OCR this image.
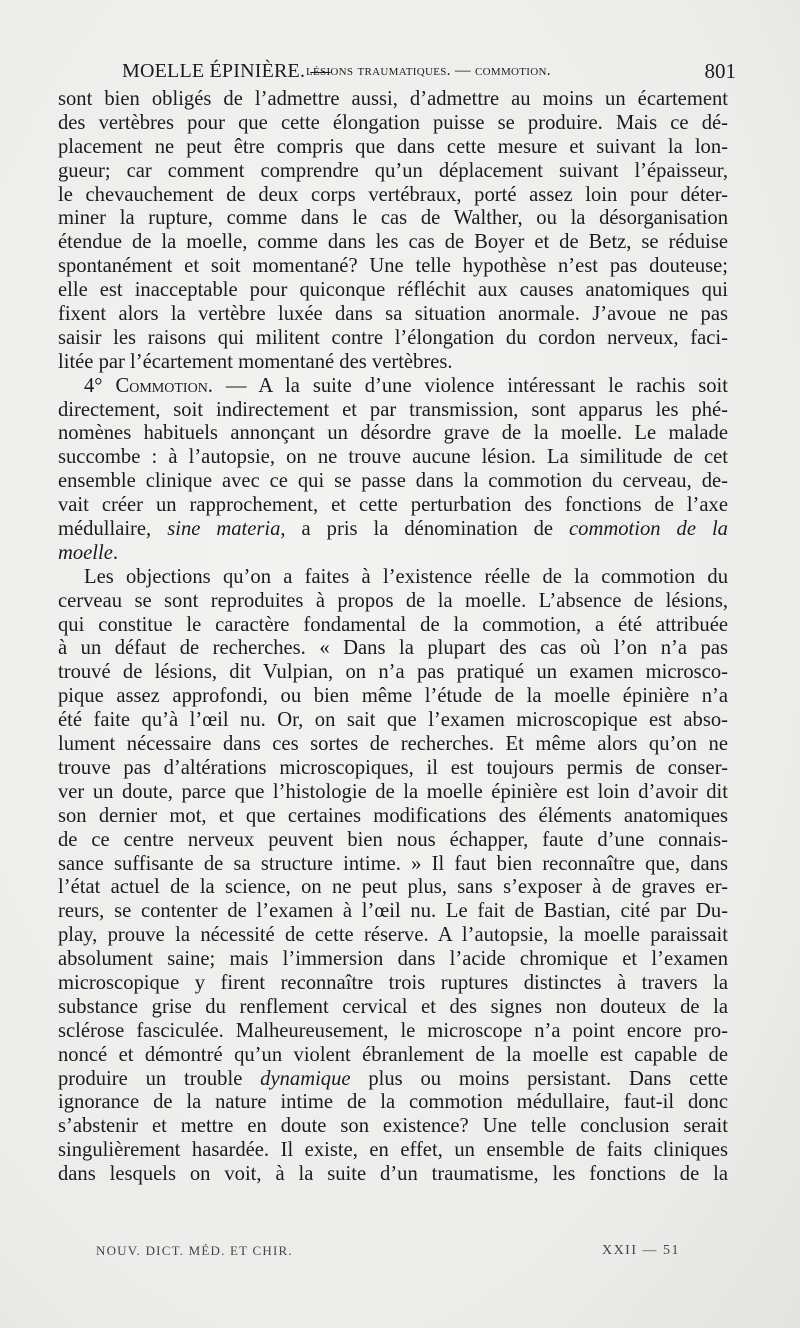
MOELLE ÉPINIÈRE. —
lésions traumatiques. — commotion.	801
sont bien obligés de l’admettre aussi, d’admettre au moins un écartement
des vertèbres pour que cette élongation puisse se produire. Mais ce dé-
placement ne peut être compris que dans cette mesure et suivant la lon-
gueur; car comment comprendre qu’un déplacement suivant l’épaisseur,
le chevauchement de deux corps vertébraux, porté assez loin pour déter-
miner la rupture, comme dans le cas de Walther, ou la désorganisation
étendue de la moelle, comme dans les cas de Boyer et de Betz, se réduise
spontanément et soit momentané? Une telle hypothèse n’est pas douteuse;
elle est inacceptable pour quiconque réfléchit aux causes anatomiques qui
fixent alors la vertèbre luxée dans sa situation anormale. J’avoue ne pas
saisir les raisons qui militent contre l’élongation du cordon nerveux, faci-
litée par l’écartement momentané des vertèbres.
4° Commotion. — A la suite d’une violence intéressant le rachis soit
directement, soit indirectement et par transmission, sont apparus les phé-
nomènes habituels annonçant un désordre grave de la moelle. Le malade
succombe : à l’autopsie, on ne trouve aucune lésion. La similitude de cet
ensemble clinique avec ce qui se passe dans la commotion du cerveau, de-
vait créer un rapprochement, et cette perturbation des fonctions de l’axe
médullaire, sine materia, a pris la dénomination de commotion de la
moelle.
Les objections qu’on a faites à l’existence réelle de la commotion du
cerveau se sont reproduites à propos de la moelle. L’absence de lésions,
qui constitue le caractère fondamental de la commotion, a été attribuée
à un défaut de recherches. « Dans la plupart des cas où l’on n’a pas
trouvé de lésions, dit Vulpian, on n’a pas pratiqué un examen microsco-
pique assez approfondi, ou bien même l’étude de la moelle épinière n’a
été faite qu’à l’œil nu. Or, on sait que l’examen microscopique est abso-
lument nécessaire dans ces sortes de recherches. Et même alors qu’on ne
trouve pas d’altérations microscopiques, il est toujours permis de conser-
ver un doute, parce que l’histologie de la moelle épinière est loin d’avoir dit
son dernier mot, et que certaines modifications des éléments anatomiques
de ce centre nerveux peuvent bien nous échapper, faute d’une connais-
sance suffisante de sa structure intime. » Il faut bien reconnaître que, dans
l’état actuel de la science, on ne peut plus, sans s’exposer à de graves er-
reurs, se contenter de l’examen à l’œil nu. Le fait de Bastian, cité par Du-
play, prouve la nécessité de cette réserve. A l’autopsie, la moelle paraissait
absolument saine; mais l’immersion dans l’acide chromique et l’examen
microscopique y firent reconnaître trois ruptures distinctes à travers la
substance grise du renflement cervical et des signes non douteux de la
sclérose fasciculée. Malheureusement, le microscope n’a point encore pro-
noncé et démontré qu’un violent ébranlement de la moelle est capable de
produire un trouble dynamique plus ou moins persistant. Dans cette
ignorance de la nature intime de la commotion médullaire, faut-il donc
s’abstenir et mettre en doute son existence? Une telle conclusion serait
singulièrement hasardée. Il existe, en effet, un ensemble de faits cliniques
dans lesquels on voit, à la suite d’un traumatisme, les fonctions de la
NOUV. DICT. MÉD. ET CHIR.	XXII — 51
